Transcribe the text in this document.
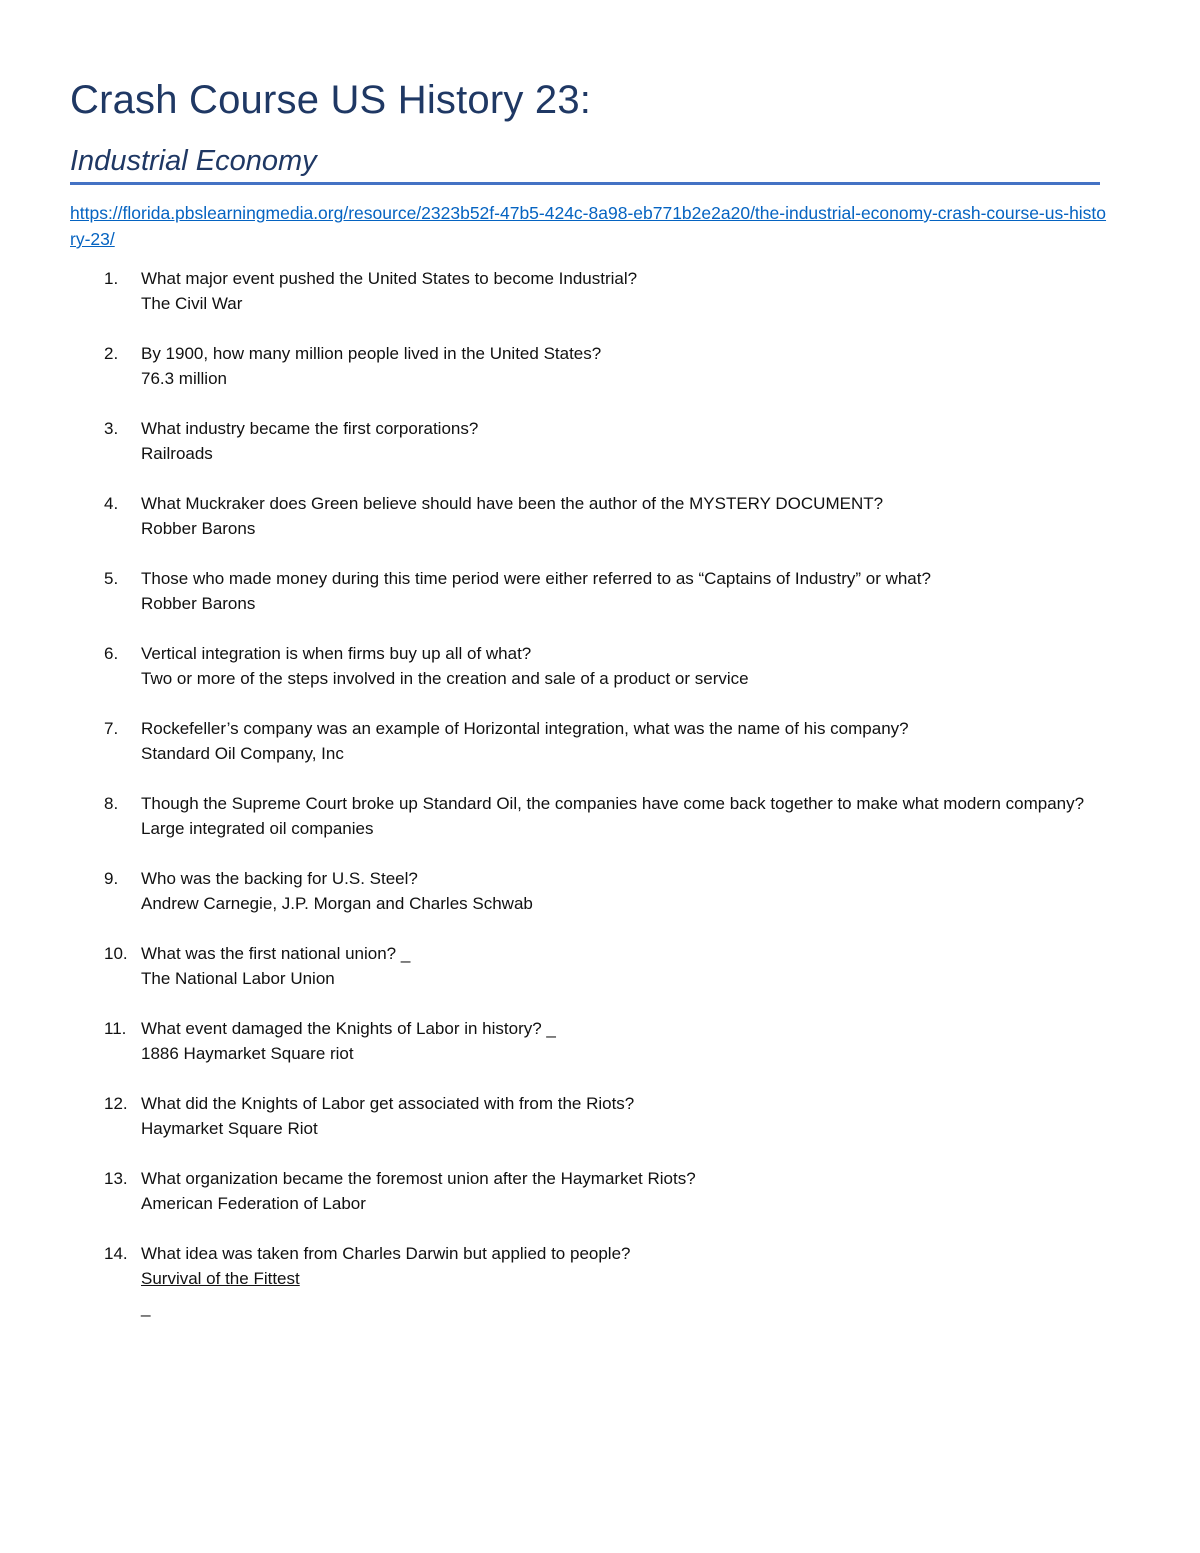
Crash Course US History 23:
Industrial Economy
https://florida.pbslearningmedia.org/resource/2323b52f-47b5-424c-8a98-eb771b2e2a20/the-industrial-economy-crash-course-us-history-23/
1.	What major event pushed the United States to become Industrial?
The Civil War
2.	By 1900, how many million people lived in the United States?
76.3 million
3.	What industry became the first corporations?
Railroads
4.	What Muckraker does Green believe should have been the author of the MYSTERY DOCUMENT?
Robber Barons
5.	Those who made money during this time period were either referred to as “Captains of Industry” or what?
Robber Barons
6.	Vertical integration is when firms buy up all of what?
Two or more of the steps involved in the creation and sale of a product or service
7.	Rockefeller’s company was an example of Horizontal integration, what was the name of his company?
Standard Oil Company, Inc
8.	Though the Supreme Court broke up Standard Oil, the companies have come back together to make what modern company?
Large integrated oil companies
9.	Who was the backing for U.S. Steel?
Andrew Carnegie, J.P. Morgan and Charles Schwab
10. What was the first national union? _
The National Labor Union
11. What event damaged the Knights of Labor in history? _
1886 Haymarket Square riot
12. What did the Knights of Labor get associated with from the Riots?
Haymarket Square Riot
13. What organization became the foremost union after the Haymarket Riots?
American Federation of Labor
14. What idea was taken from Charles Darwin but applied to people?
Survival of the Fittest
_
